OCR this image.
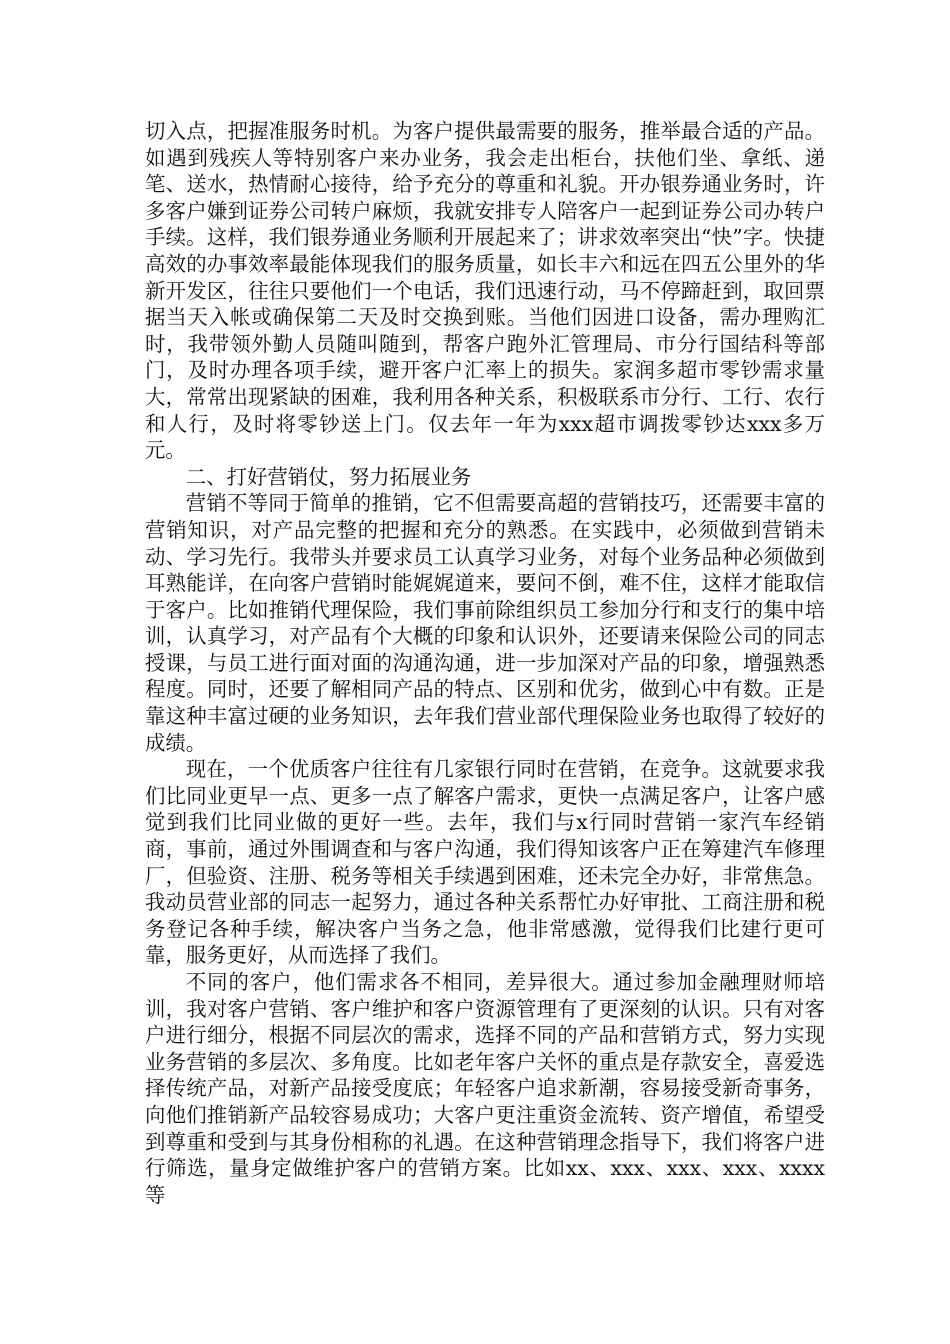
切入点，把握准服务时机。为客户提供最需要的服务，推举最合适的产品。如遇到残疾人等特别客户来办业务，我会走出柜台，扶他们坐、拿纸、递笔、送水，热情耐心接待，给予充分的尊重和礼貌。开办银券通业务时，许多客户嫌到证券公司转户麻烦，我就安排专人陪客户一起到证券公司办转户手续。这样，我们银券通业务顺利开展起来了；讲求效率突出“快”字。快捷高效的办事效率最能体现我们的服务质量，如长丰六和远在四五公里外的华新开发区，往往只要他们一个电话，我们迅速行动，马不停蹄赶到，取回票据当天入帐或确保第二天及时交换到账。当他们因进口设备，需办理购汇时，我带领外勤人员随叫随到，帮客户跑外汇管理局、市分行国结科等部门，及时办理各项手续，避开客户汇率上的损失。家润多超市零钞需求量大，常常出现紧缺的困难，我利用各种关系，积极联系市分行、工行、农行和人行，及时将零钞送上门。仅去年一年为xxx超市调拨零钞达xxx多万元。

二、打好营销仗，努力拓展业务

营销不等同于简单的推销，它不但需要高超的营销技巧，还需要丰富的营销知识，对产品完整的把握和充分的熟悉。在实践中，必须做到营销未动、学习先行。我带头并要求员工认真学习业务，对每个业务品种必须做到耳熟能详，在向客户营销时能娓娓道来，要问不倒，难不住，这样才能取信于客户。比如推销代理保险，我们事前除组织员工参加分行和支行的集中培训，认真学习，对产品有个大概的印象和认识外，还要请来保险公司的同志授课，与员工进行面对面的沟通沟通，进一步加深对产品的印象，增强熟悉程度。同时，还要了解相同产品的特点、区别和优劣，做到心中有数。正是靠这种丰富过硬的业务知识，去年我们营业部代理保险业务也取得了较好的成绩。

现在，一个优质客户往往有几家银行同时在营销，在竞争。这就要求我们比同业更早一点、更多一点了解客户需求，更快一点满足客户，让客户感觉到我们比同业做的更好一些。去年，我们与x行同时营销一家汽车经销商，事前，通过外围调查和与客户沟通，我们得知该客户正在筹建汽车修理厂，但验资、注册、税务等相关手续遇到困难，还未完全办好，非常焦急。我动员营业部的同志一起努力，通过各种关系帮忙办好审批、工商注册和税务登记各种手续，解决客户当务之急，他非常感激，觉得我们比建行更可靠，服务更好，从而选择了我们。

不同的客户，他们需求各不相同，差异很大。通过参加金融理财师培训，我对客户营销、客户维护和客户资源管理有了更深刻的认识。只有对客户进行细分，根据不同层次的需求，选择不同的产品和营销方式，努力实现业务营销的多层次、多角度。比如老年客户关怀的重点是存款安全，喜爱选择传统产品，对新产品接受度底；年轻客户追求新潮，容易接受新奇事务，向他们推销新产品较容易成功；大客户更注重资金流转、资产增值，希望受到尊重和受到与其身份相称的礼遇。在这种营销理念指导下，我们将客户进行筛选，量身定做维护客户的营销方案。比如xx、xxx、xxx、xxx、xxxx等
